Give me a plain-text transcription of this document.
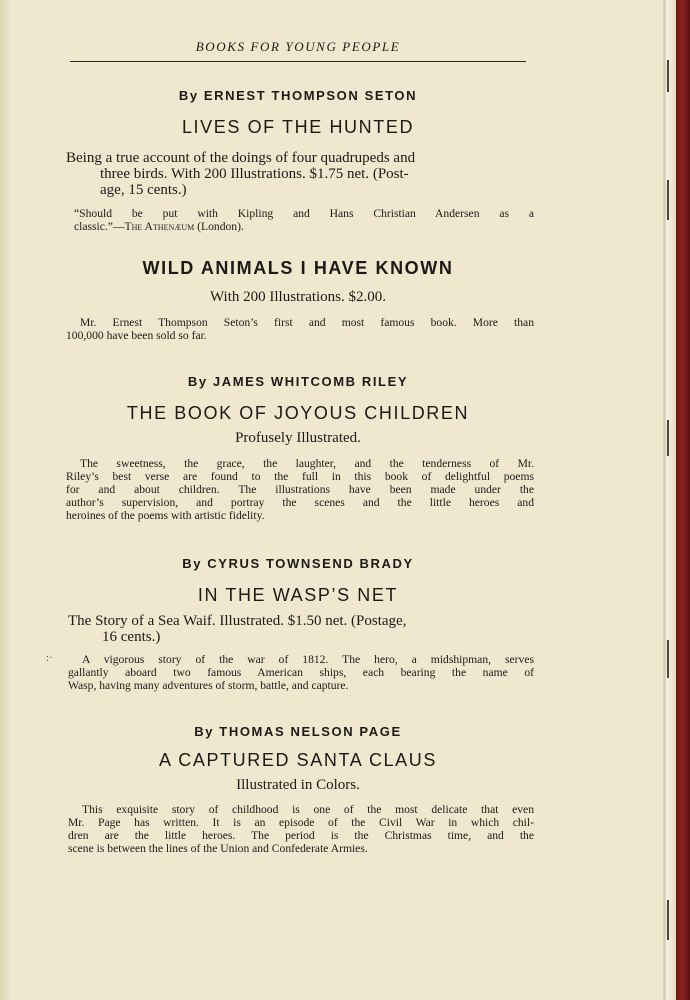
:·
BOOKS FOR YOUNG PEOPLE
By ERNEST THOMPSON SETON
LIVES OF THE HUNTED
Being a true account of the doings of four quadrupeds and
three birds. With 200 Illustrations. $1.75 net. (Post-
age, 15 cents.)
“Should be put with Kipling and Hans Christian Andersen as a
classic.”—The Athenæum (London).
WILD ANIMALS I HAVE KNOWN
With 200 Illustrations. $2.00.
Mr. Ernest Thompson Seton’s first and most famous book. More than
100,000 have been sold so far.
By JAMES WHITCOMB RILEY
THE BOOK OF JOYOUS CHILDREN
Profusely Illustrated.
The sweetness, the grace, the laughter, and the tenderness of Mr.
Riley’s best verse are found to the full in this book of delightful poems
for and about children. The illustrations have been made under the
author’s supervision, and portray the scenes and the little heroes and
heroines of the poems with artistic fidelity.
By CYRUS TOWNSEND BRADY
IN THE WASP’S NET
The Story of a Sea Waif. Illustrated. $1.50 net. (Postage,
16 cents.)
A vigorous story of the war of 1812. The hero, a midshipman, serves
gallantly aboard two famous American ships, each bearing the name of
Wasp, having many adventures of storm, battle, and capture.
By THOMAS NELSON PAGE
A CAPTURED SANTA CLAUS
Illustrated in Colors.
This exquisite story of childhood is one of the most delicate that even
Mr. Page has written. It is an episode of the Civil War in which chil-
dren are the little heroes. The period is the Christmas time, and the
scene is between the lines of the Union and Confederate Armies.
